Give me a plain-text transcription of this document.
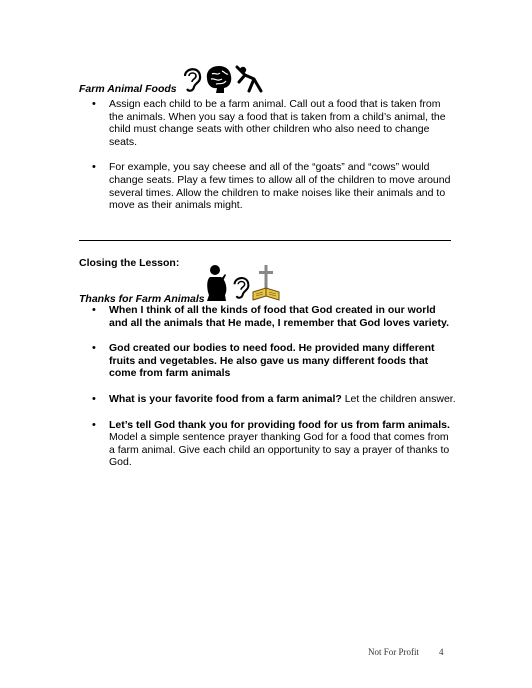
Farm Animal Foods
• Assign each child to be a farm animal. Call out a food that is taken from the animals. When you say a food that is taken from a child’s animal, the child must change seats with other children who also need to change seats.
• For example, you say cheese and all of the “goats” and “cows” would change seats. Play a few times to allow all of the children to move around several times. Allow the children to make noises like their animals and to move as their animals might.
Closing the Lesson:
Thanks for Farm Animals
• When I think of all the kinds of food that God created in our world and all the animals that He made, I remember that God loves variety.
• God created our bodies to need food. He provided many different fruits and vegetables. He also gave us many different foods that come from farm animals
• What is your favorite food from a farm animal? Let the children answer.
• Let’s tell God thank you for providing food for us from farm animals. Model a simple sentence prayer thanking God for a food that comes from a farm animal. Give each child an opportunity to say a prayer of thanks to God.
Not For Profit 4
